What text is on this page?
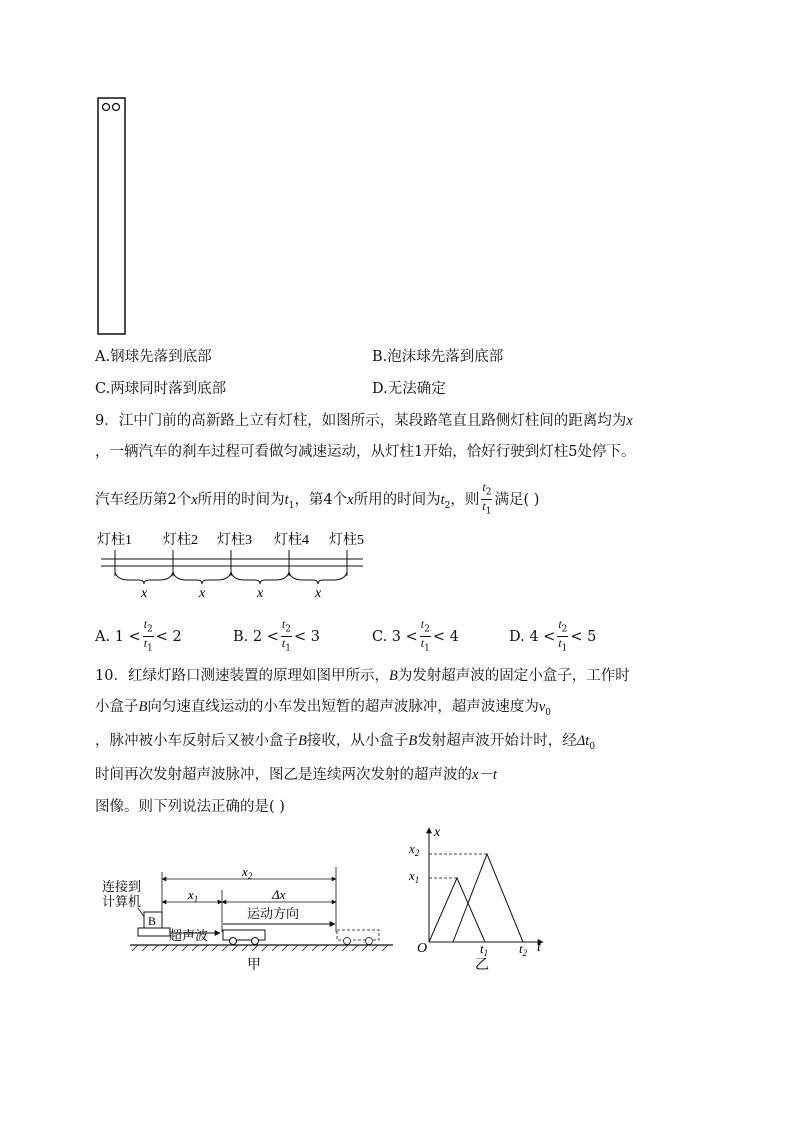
A.钢球先落到底部	B.泡沫球先落到底部
C.两球同时落到底部	D.无法确定
9．江中门前的高新路上立有灯柱，如图所示，某段路笔直且路侧灯柱间的距离均为x
，一辆汽车的刹车过程可看做匀减速运动，从灯柱1开始，恰好行驶到灯柱5处停下。
汽车经历第2个x所用的时间为$t_1$，第4个x所用的时间为$t_2$，则 $\frac{t_2}{t_1}$ 满足( )
灯柱1 灯柱2 灯柱3 灯柱4 灯柱5
x	x	x	x
A. $1 < \frac{t_2}{t_1} < 2$	B. $2 < \frac{t_2}{t_1} < 3$	C. $3 < \frac{t_2}{t_1} < 4$	D. $4 < \frac{t_2}{t_1} < 5$
10．红绿灯路口测速装置的原理如图甲所示，B为发射超声波的固定小盒子，工作时
小盒子B向匀速直线运动的小车发出短暂的超声波脉冲，超声波速度为$v_0$
，脉冲被小车反射后又被小盒子B接收，从小盒子B发射超声波开始计时，经$\Delta t_0$
时间再次发射超声波脉冲，图乙是连续两次发射的超声波的x－t
图像。则下列说法正确的是( )
连接到
计算机
B
$x_2$
$x_1$	Δx
运动方向
超声波
甲
x
t
O
$x_2$
$x_1$
$t_1$ $t_2$
乙
